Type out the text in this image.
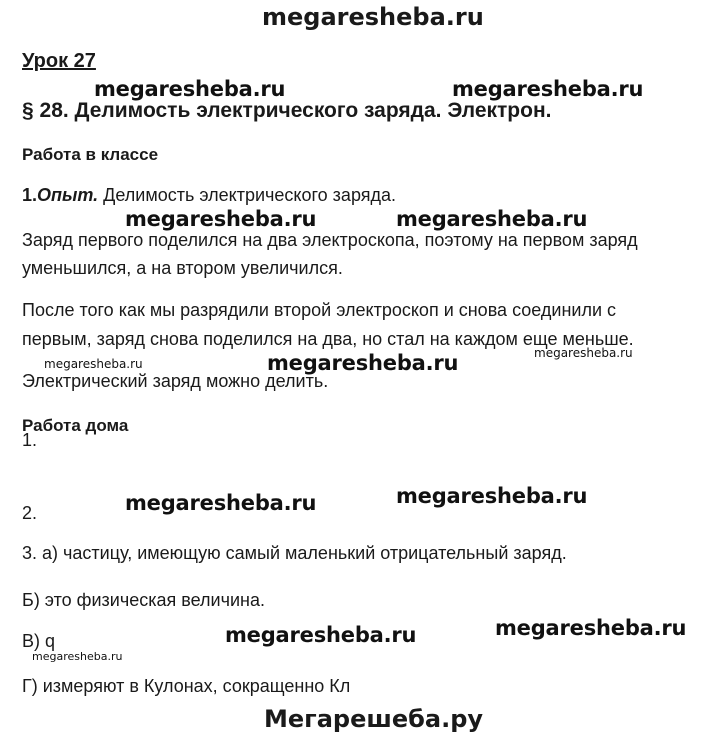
megaresheba.ru
Урок 27
megaresheba.ru	megaresheba.ru
§ 28. Делимость электрического заряда. Электрон.
Работа в классе
1.Опыт. Делимость электрического заряда.
megaresheba.ru	megaresheba.ru
Заряд первого поделился на два электроскопа, поэтому на первом заряд
уменьшился, а на втором увеличился.
После того как мы разрядили второй электроскоп и снова соединили с
первым, заряд снова поделился на два, но стал на каждом еще меньше.
megaresheba.ru	megaresheba.ru	megaresheba.ru
Электрический заряд можно делить.
Работа дома
1.
megaresheba.ru	megaresheba.ru
2.
3. а) частицу, имеющую самый маленький отрицательный заряд.
Б) это физическая величина.
megaresheba.ru	megaresheba.ru
В) q
megaresheba.ru
Г) измеряют в Кулонах, сокращенно Кл
Мегарешеба.ру
